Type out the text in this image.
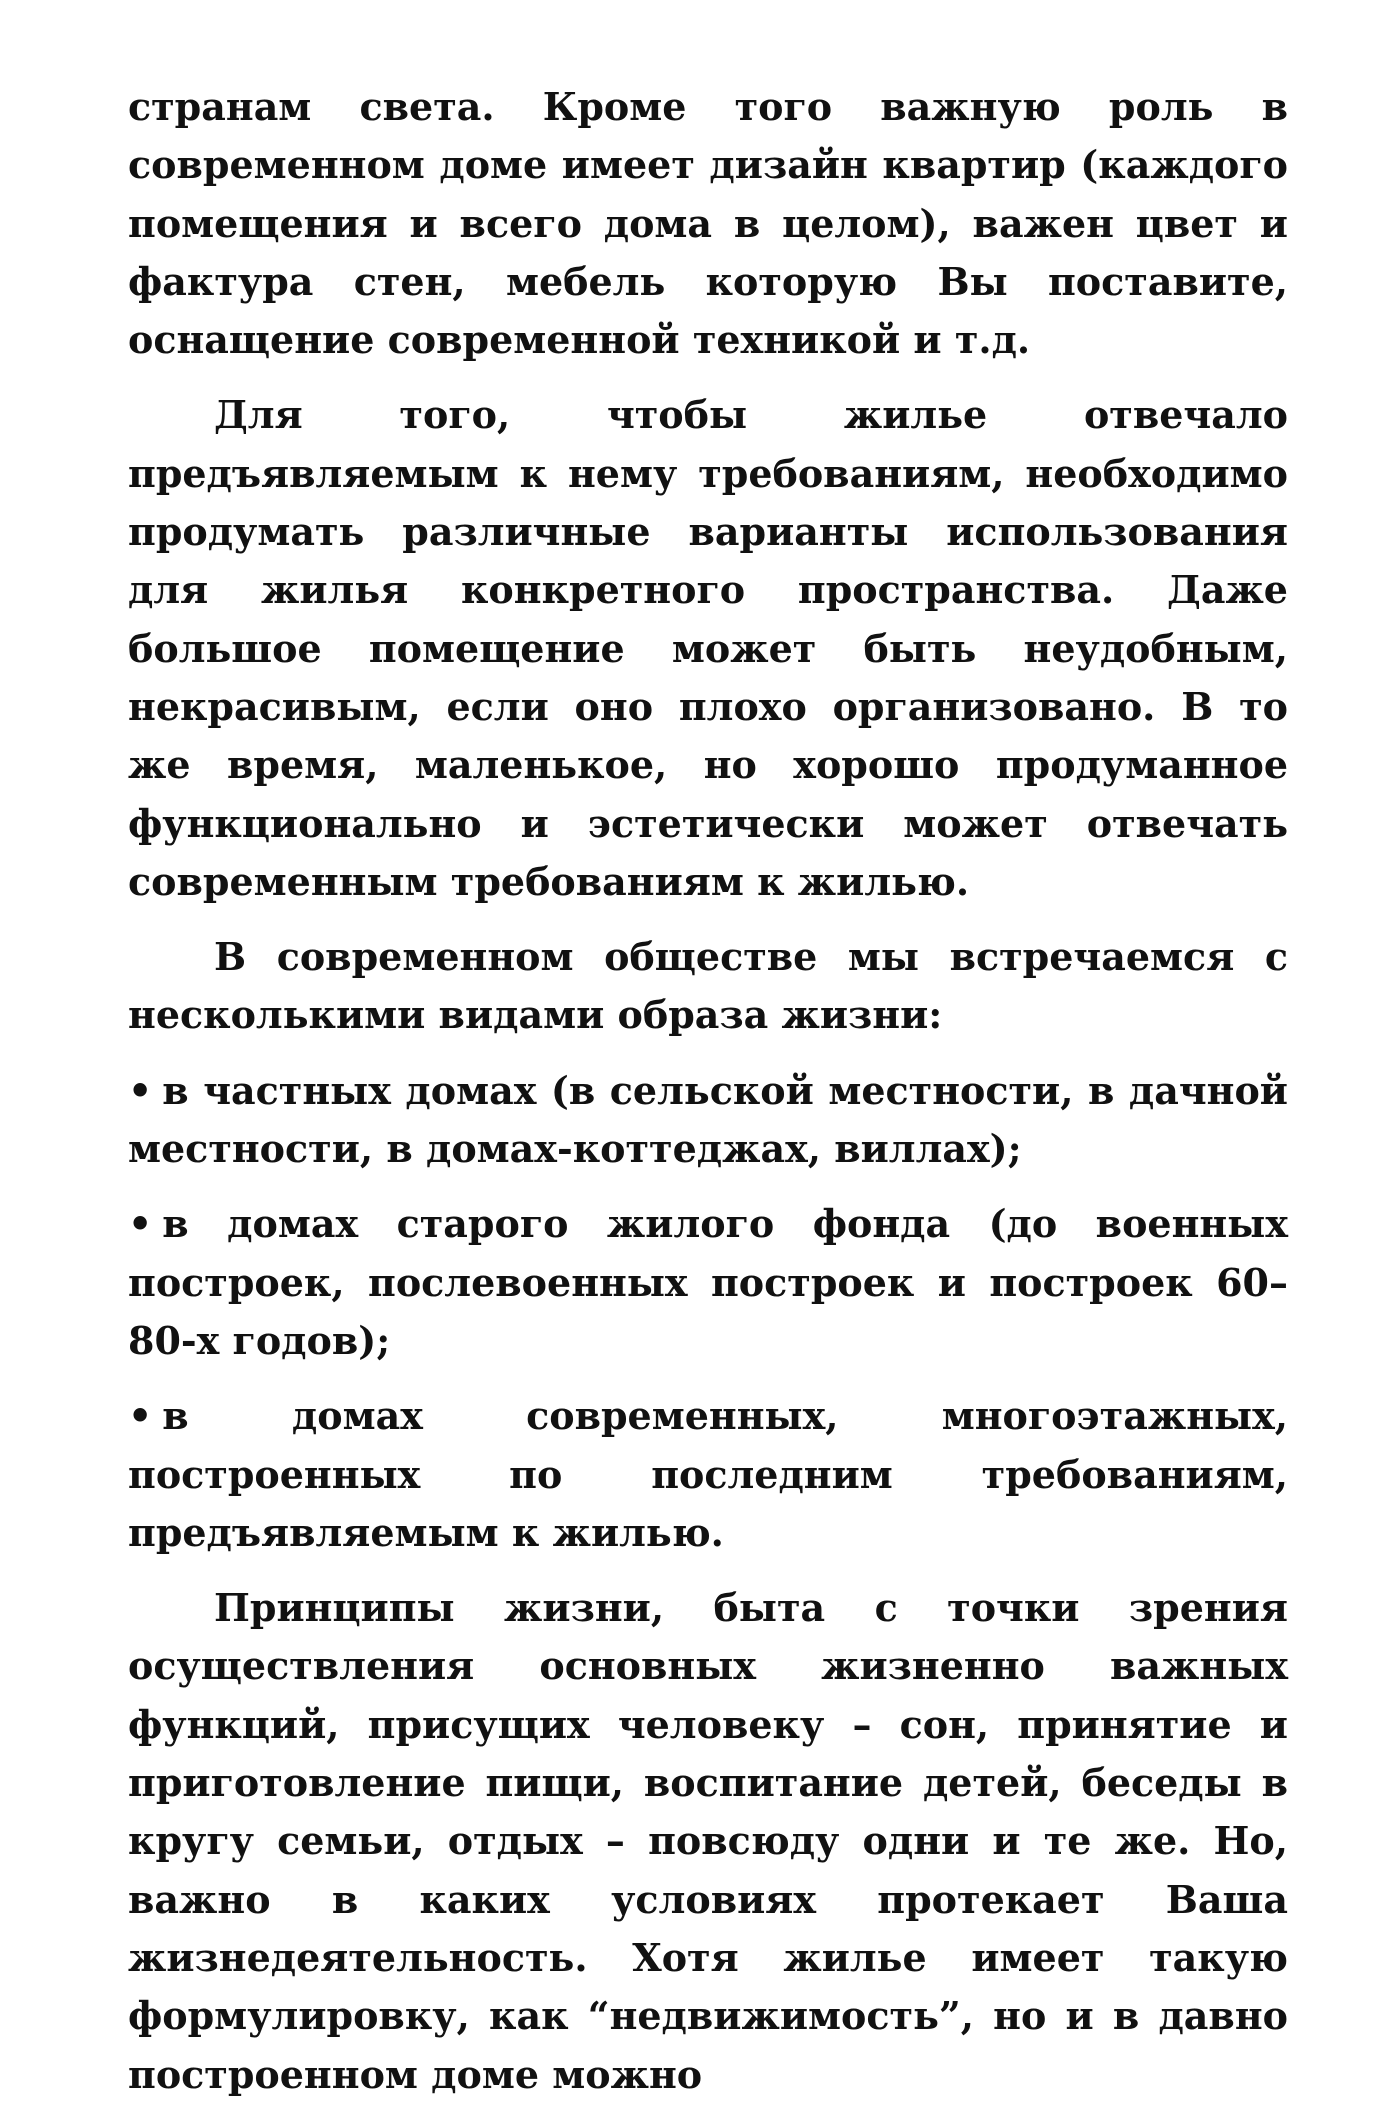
странам света. Кроме того важную роль в современном доме имеет дизайн квартир (каждого помещения и всего дома в целом), важен цвет и фактура стен, мебель которую Вы поставите, оснащение современной техникой и т.д.

Для того, чтобы жилье отвечало предъявляемым к нему требованиям, необходимо продумать различные варианты использования для жилья конкретного пространства. Даже большое помещение может быть неудобным, некрасивым, если оно плохо организовано. В то же время, маленькое, но хорошо продуманное функционально и эстетически может отвечать современным требованиям к жилью.

В современном обществе мы встречаемся с несколькими видами образа жизни:

• в частных домах (в сельской местности, в дачной местности, в домах-коттеджах, виллах);

• в домах старого жилого фонда (до военных построек, послевоенных построек и построек 60–80-х годов);

• в домах современных, многоэтажных, построенных по последним требованиям, предъявляемым к жилью.

Принципы жизни, быта с точки зрения осуществления основных жизненно важных функций, присущих человеку – сон, принятие и приготовление пищи, воспитание детей, беседы в кругу семьи, отдых – повсюду одни и те же. Но, важно в каких условиях протекает Ваша жизнедеятельность. Хотя жилье имеет такую формулировку, как “недвижимость”, но и в давно построенном доме можно
